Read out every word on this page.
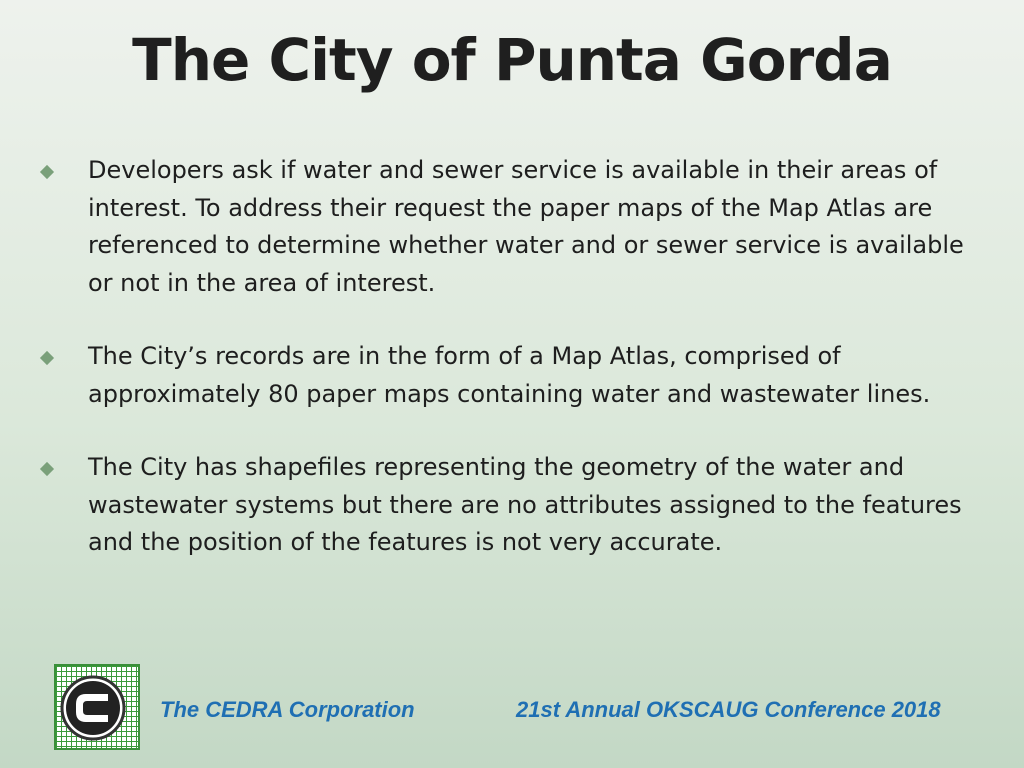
The City of Punta Gorda
Developers ask if water and sewer service is available in their areas of interest. To address their request the paper maps of the Map Atlas are referenced to determine whether water and or sewer service is available or not in the area of interest.
The City’s records are in the form of a Map Atlas, comprised of approximately 80 paper maps containing water and wastewater lines.
The City has shapefiles representing the geometry of the water and wastewater systems but there are no attributes assigned to the features and the position of the features is not very accurate.
The CEDRA Corporation	21st Annual OKSCAUG Conference 2018
